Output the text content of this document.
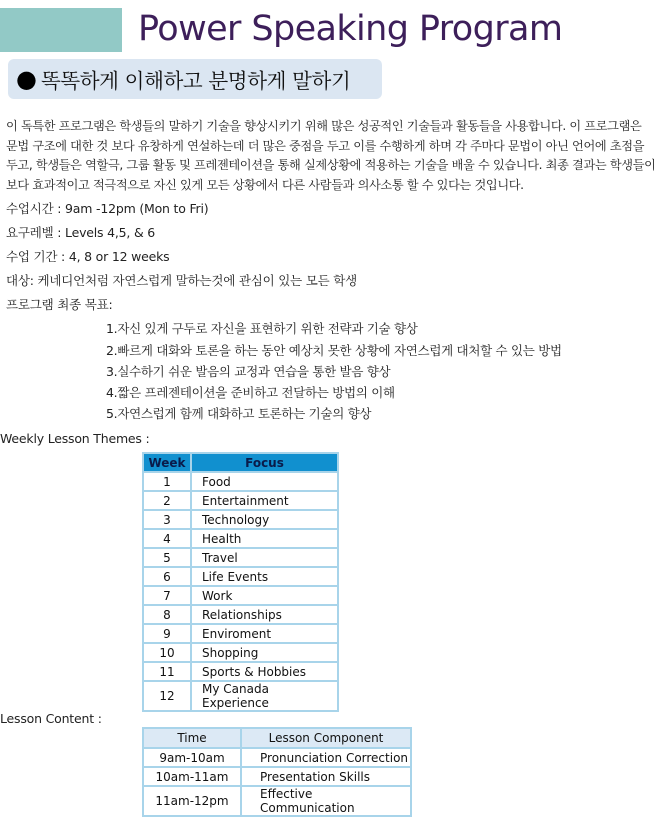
Power Speaking Program
● 똑똑하게 이해하고 분명하게 말하기
이 독특한 프로그램은 학생들의 말하기 기술을 향상시키기 위해 많은 성공적인 기술들과 활동들을 사용합니다. 이 프로그램은 문법 구조에 대한 것 보다 유창하게 연설하는데 더 많은 중점을 두고 이를 수행하게 하며 각 주마다 문법이 아닌 언어에 초점을 두고, 학생들은 역할극, 그룹 활동 및 프레젠테이션을 통해 실제상황에 적용하는 기술을 배울 수 있습니다. 최종 결과는 학생들이 보다 효과적이고 적극적으로 자신 있게 모든 상황에서 다른 사람들과 의사소통 할 수 있다는 것입니다.
수업시간 : 9am -12pm (Mon to Fri)
요구레벨 : Levels 4,5, & 6
수업 기간 : 4, 8 or 12 weeks
대상: 케네디언처럼 자연스럽게 말하는것에 관심이 있는 모든 학생
프로그램 최종 목표:
1.자신 있게 구두로 자신을 표현하기 위한 전략과 기술 향상
2.빠르게 대화와 토론을 하는 동안 예상치 못한 상황에 자연스럽게 대처할 수 있는 방법
3.실수하기 쉬운 발음의 교정과 연습을 통한 발음 향상
4.짧은 프레젠테이션을 준비하고 전달하는 방법의 이해
5.자연스럽게 함께 대화하고 토론하는 기술의 향상
Weekly Lesson Themes :
Week	Focus
1	Food
2	Entertainment
3	Technology
4	Health
5	Travel
6	Life Events
7	Work
8	Relationships
9	Enviroment
10	Shopping
11	Sports & Hobbies
12	My Canada Experience
Lesson Content :
Time	Lesson Component
9am-10am	Pronunciation Correction
10am-11am	Presentation Skills
11am-12pm	Effective Communication
